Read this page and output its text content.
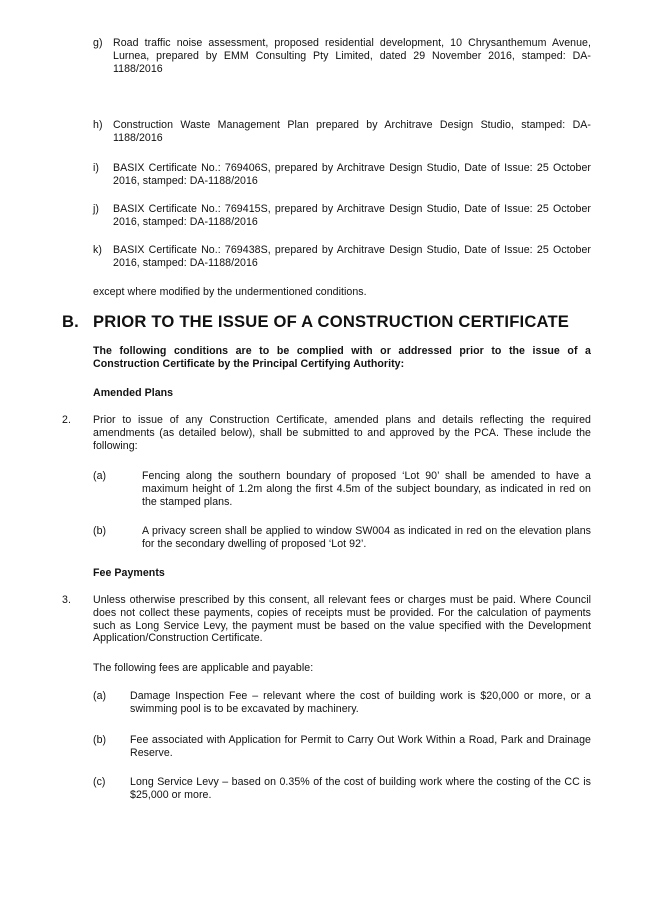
g) Road traffic noise assessment, proposed residential development, 10 Chrysanthemum Avenue, Lurnea, prepared by EMM Consulting Pty Limited, dated 29 November 2016, stamped: DA-1188/2016
h) Construction Waste Management Plan prepared by Architrave Design Studio, stamped: DA-1188/2016
i) BASIX Certificate No.: 769406S, prepared by Architrave Design Studio, Date of Issue: 25 October 2016, stamped: DA-1188/2016
j) BASIX Certificate No.: 769415S, prepared by Architrave Design Studio, Date of Issue: 25 October 2016, stamped: DA-1188/2016
k) BASIX Certificate No.: 769438S, prepared by Architrave Design Studio, Date of Issue: 25 October 2016, stamped: DA-1188/2016
except where modified by the undermentioned conditions.
B. PRIOR TO THE ISSUE OF A CONSTRUCTION CERTIFICATE
The following conditions are to be complied with or addressed prior to the issue of a Construction Certificate by the Principal Certifying Authority:
Amended Plans
2. Prior to issue of any Construction Certificate, amended plans and details reflecting the required amendments (as detailed below), shall be submitted to and approved by the PCA. These include the following:
(a)	Fencing along the southern boundary of proposed ‘Lot 90’ shall be amended to have a maximum height of 1.2m along the first 4.5m of the subject boundary, as indicated in red on the stamped plans.
(b)	A privacy screen shall be applied to window SW004 as indicated in red on the elevation plans for the secondary dwelling of proposed ‘Lot 92’.
Fee Payments
3. Unless otherwise prescribed by this consent, all relevant fees or charges must be paid. Where Council does not collect these payments, copies of receipts must be provided. For the calculation of payments such as Long Service Levy, the payment must be based on the value specified with the Development Application/Construction Certificate.
The following fees are applicable and payable:
(a) Damage Inspection Fee – relevant where the cost of building work is $20,000 or more, or a swimming pool is to be excavated by machinery.
(b) Fee associated with Application for Permit to Carry Out Work Within a Road, Park and Drainage Reserve.
(c) Long Service Levy – based on 0.35% of the cost of building work where the costing of the CC is $25,000 or more.
